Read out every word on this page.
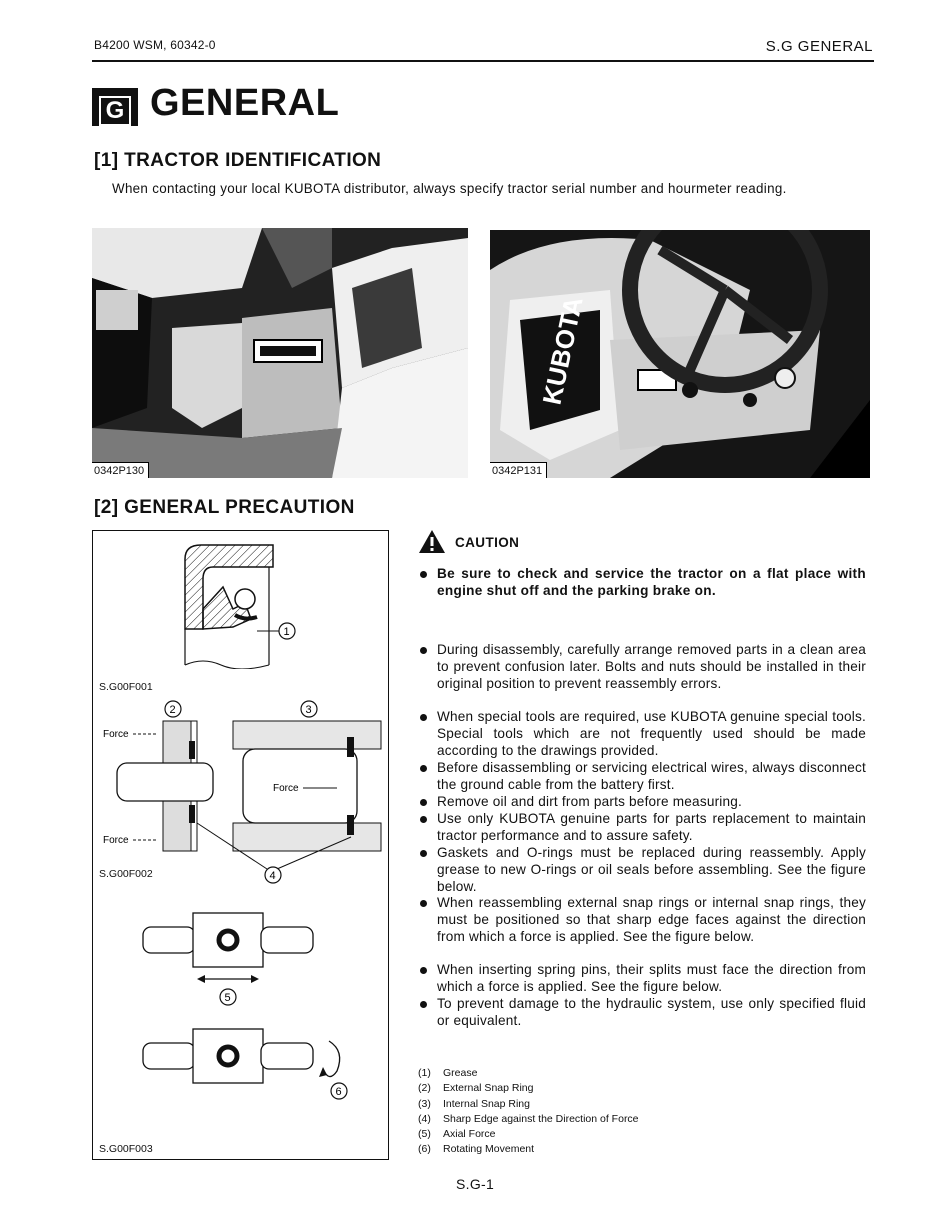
B4200 WSM, 60342-0	S.G GENERAL
G GENERAL
[1] TRACTOR IDENTIFICATION
When contacting your local KUBOTA distributor, always specify tractor serial number and hourmeter reading.
0342P130
KUBOTA
0342P131
[2] GENERAL PRECAUTION
1
S.G00F001
2	3
Force
Force
Force
4
S.G00F002
5
6
S.G00F003
CAUTION
Be sure to check and service the tractor on a flat place with engine shut off and the parking brake on.
During disassembly, carefully arrange removed parts in a clean area to prevent confusion later. Bolts and nuts should be installed in their original position to prevent reassembly errors.
When special tools are required, use KUBOTA genuine special tools. Special tools which are not frequently used should be made according to the drawings provided.
Before disassembling or servicing electrical wires, always disconnect the ground cable from the battery first.
Remove oil and dirt from parts before measuring.
Use only KUBOTA genuine parts for parts replacement to maintain tractor performance and to assure safety.
Gaskets and O-rings must be replaced during reassembly. Apply grease to new O-rings or oil seals before assembling. See the figure below.
When reassembling external snap rings or internal snap rings, they must be positioned so that sharp edge faces against the direction from which a force is applied. See the figure below.
When inserting spring pins, their splits must face the direction from which a force is applied. See the figure below.
To prevent damage to the hydraulic system, use only specified fluid or equivalent.
(1)	Grease
(2)	External Snap Ring
(3)	Internal Snap Ring
(4)	Sharp Edge against the Direction of Force
(5)	Axial Force
(6)	Rotating Movement
S.G-1
